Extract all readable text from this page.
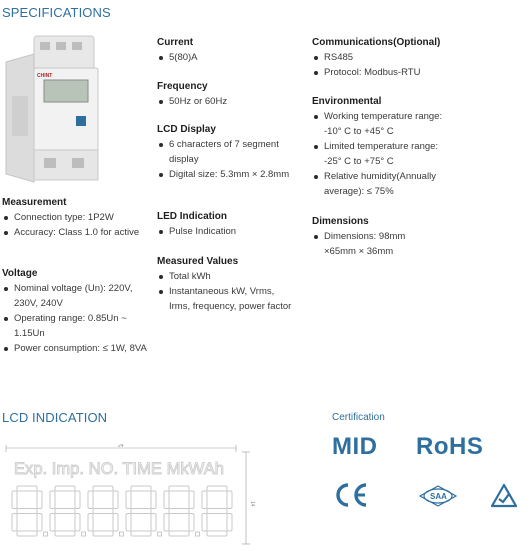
SPECIFICATIONS
CHINT
Measurement
Connection type: 1P2W
Accuracy: Class 1.0 for active
Voltage
Nominal voltage (Un): 220V, 230V, 240V
Operating range: 0.85Un ~ 1.15Un
Power consumption: ≤ 1W, 8VA
Current
5(80)A
Frequency
50Hz or 60Hz
LCD Display
6 characters of 7 segment display
Digital size: 5.3mm × 2.8mm
LED Indication
Pulse Indication
Measured Values
Total kWh
Instantaneous kW, Vrms, Irms, frequency, power factor
Communications(Optional)
RS485
Protocol: Modbus-RTU
Environmental
Working temperature range: -10° C to +45° C
Limited temperature range: -25° C to +75° C
Relative humidity(Annually average): ≤ 75%
Dimensions
Dimensions: 98mm ×65mm × 36mm
LCD INDICATION
24
14
Exp. Imp. NO. TIME MkWAh
Certification
MID RoHS
SAA
